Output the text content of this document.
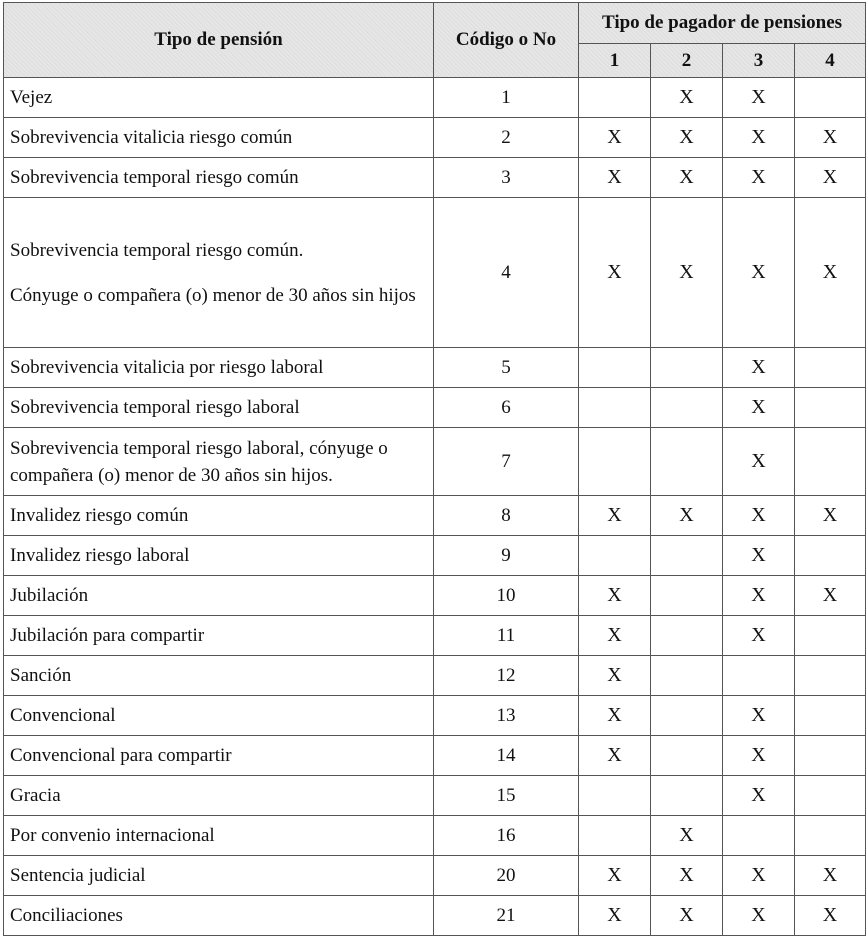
Tipo de pensión	Código o No	Tipo de pagador de pensiones			
		1	2	3	4

Vejez	1		X	X	

Sobrevivencia vitalicia riesgo común	2	X	X	X	X

Sobrevivencia temporal riesgo común	3	X	X	X	X

Sobrevivencia temporal riesgo común.
Cónyuge o compañera (o) menor de 30 años sin hijos	4	X	X	X	X

Sobrevivencia vitalicia por riesgo laboral	5			X	

Sobrevivencia temporal riesgo laboral	6			X	

Sobrevivencia temporal riesgo laboral, cónyuge o compañera (o) menor de 30 años sin hijos.	7			X	

Invalidez riesgo común	8	X	X	X	X

Invalidez riesgo laboral	9			X	

Jubilación	10	X		X	X

Jubilación para compartir	11	X		X	

Sanción	12	X			

Convencional	13	X		X	

Convencional para compartir	14	X		X	

Gracia	15			X	

Por convenio internacional	16		X		

Sentencia judicial	20	X	X	X	X

Conciliaciones	21	X	X	X	X
